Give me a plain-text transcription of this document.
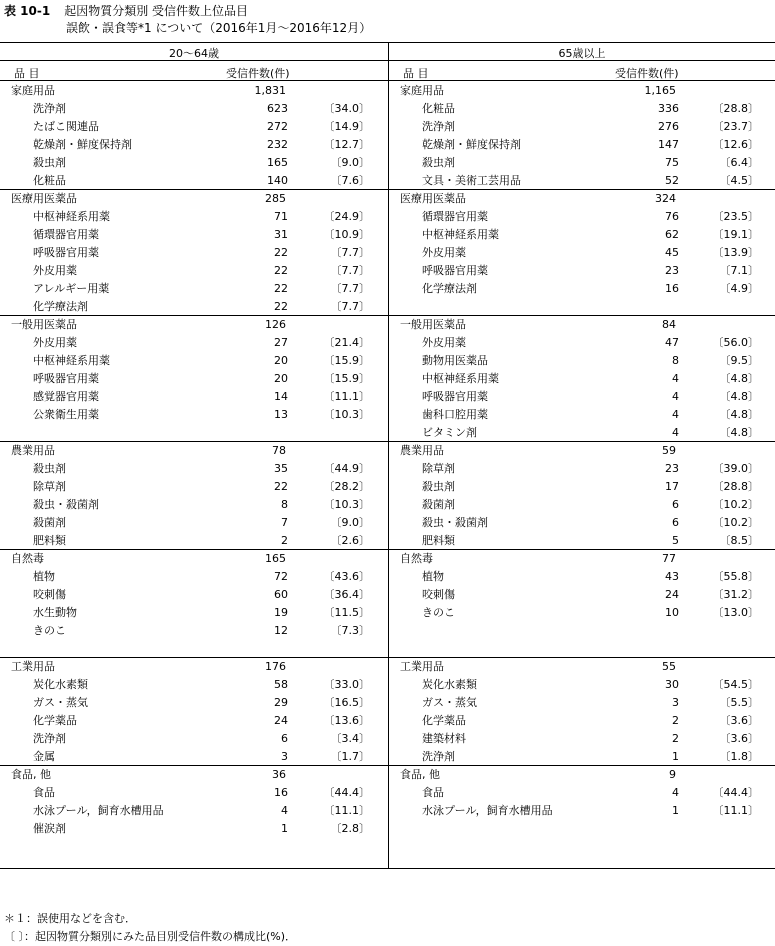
表 10-1 起因物質分類別 受信件数上位品目
誤飲・誤食等*1 について（2016年1月～2016年12月）
20～64歳
品 目	受信件数(件)
家庭用品	1,831
洗浄剤	623	〔34.0〕
たばこ関連品	272	〔14.9〕
乾燥剤・鮮度保持剤	232	〔12.7〕
殺虫剤	165	〔9.0〕
化粧品	140	〔7.6〕
医療用医薬品	285
中枢神経系用薬	71	〔24.9〕
循環器官用薬	31	〔10.9〕
呼吸器官用薬	22	〔7.7〕
外皮用薬	22	〔7.7〕
アレルギー用薬	22	〔7.7〕
化学療法剤	22	〔7.7〕
一般用医薬品	126
外皮用薬	27	〔21.4〕
中枢神経系用薬	20	〔15.9〕
呼吸器官用薬	20	〔15.9〕
感覚器官用薬	14	〔11.1〕
公衆衛生用薬	13	〔10.3〕
農業用品	78
殺虫剤	35	〔44.9〕
除草剤	22	〔28.2〕
殺虫・殺菌剤	8	〔10.3〕
殺菌剤	7	〔9.0〕
肥料類	2	〔2.6〕
自然毒	165
植物	72	〔43.6〕
咬刺傷	60	〔36.4〕
水生動物	19	〔11.5〕
きのこ	12	〔7.3〕
工業用品	176
炭化水素類	58	〔33.0〕
ガス・蒸気	29	〔16.5〕
化学薬品	24	〔13.6〕
洗浄剤	6	〔3.4〕
金属	3	〔1.7〕
食品, 他	36
食品	16	〔44.4〕
水泳プール，飼育水槽用品	4	〔11.1〕
催涙剤	1	〔2.8〕
65歳以上
品 目	受信件数(件)
家庭用品	1,165
化粧品	336	〔28.8〕
洗浄剤	276	〔23.7〕
乾燥剤・鮮度保持剤	147	〔12.6〕
殺虫剤	75	〔6.4〕
文具・美術工芸用品	52	〔4.5〕
医療用医薬品	324
循環器官用薬	76	〔23.5〕
中枢神経系用薬	62	〔19.1〕
外皮用薬	45	〔13.9〕
呼吸器官用薬	23	〔7.1〕
化学療法剤	16	〔4.9〕
一般用医薬品	84
外皮用薬	47	〔56.0〕
動物用医薬品	8	〔9.5〕
中枢神経系用薬	4	〔4.8〕
呼吸器官用薬	4	〔4.8〕
歯科口腔用薬	4	〔4.8〕
ビタミン剤	4	〔4.8〕
農業用品	59
除草剤	23	〔39.0〕
殺虫剤	17	〔28.8〕
殺菌剤	6	〔10.2〕
殺虫・殺菌剤	6	〔10.2〕
肥料類	5	〔8.5〕
自然毒	77
植物	43	〔55.8〕
咬刺傷	24	〔31.2〕
きのこ	10	〔13.0〕
工業用品	55
炭化水素類	30	〔54.5〕
ガス・蒸気	3	〔5.5〕
化学薬品	2	〔3.6〕
建築材料	2	〔3.6〕
洗浄剤	1	〔1.8〕
食品, 他	9
食品	4	〔44.4〕
水泳プール，飼育水槽用品	1	〔11.1〕
＊１：誤使用などを含む．
〔 〕：起因物質分類別にみた品目別受信件数の構成比(%)．
